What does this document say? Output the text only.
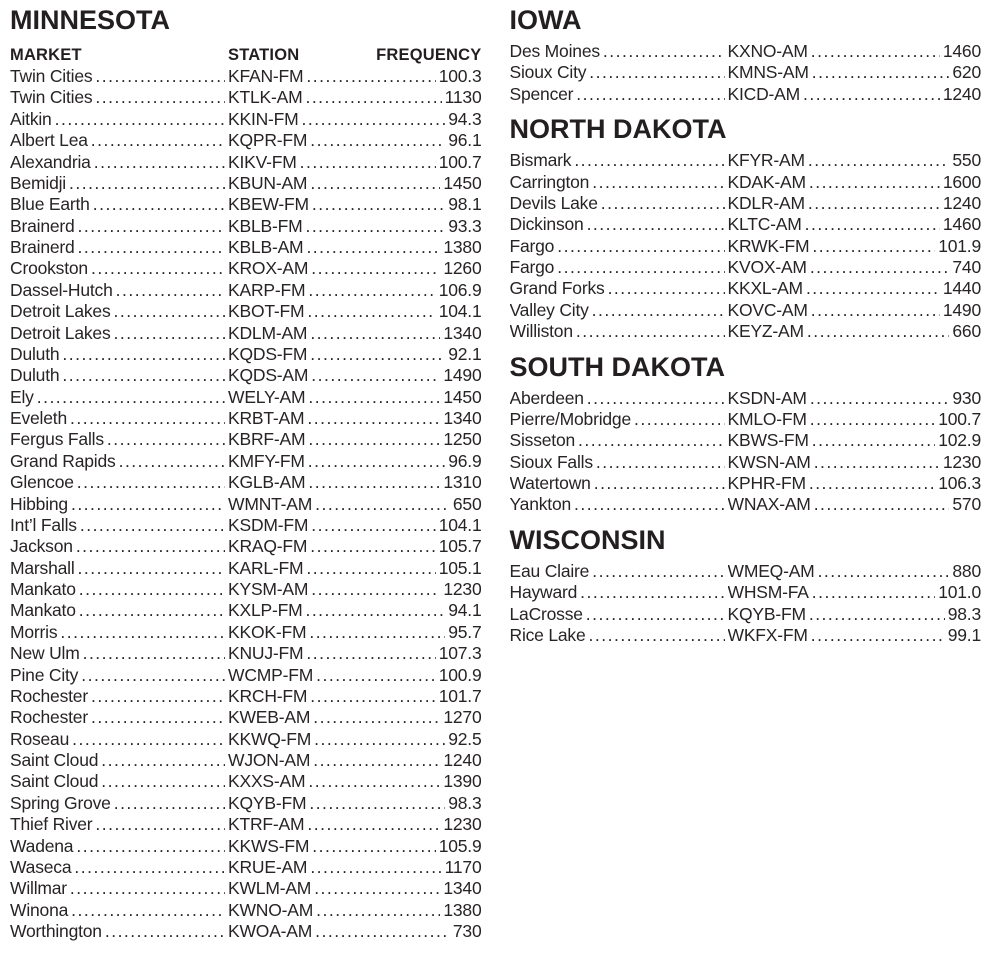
MINNESOTA
MARKET	STATION	FREQUENCY
Twin Cities .....	KFAN-FM .....	100.3
Twin Cities .....	KTLK-AM .....	1130
Aitkin .....	KKIN-FM .....	94.3
Albert Lea .....	KQPR-FM .....	96.1
Alexandria .....	KIKV-FM .....	100.7
Bemidji .....	KBUN-AM .....	1450
Blue Earth .....	KBEW-FM .....	98.1
Brainerd .....	KBLB-FM .....	93.3
Brainerd .....	KBLB-AM .....	1380
Crookston .....	KROX-AM .....	1260
Dassel-Hutch .....	KARP-FM .....	106.9
Detroit Lakes .....	KBOT-FM .....	104.1
Detroit Lakes .....	KDLM-AM .....	1340
Duluth .....	KQDS-FM .....	92.1
Duluth .....	KQDS-AM .....	1490
Ely .....	WELY-AM .....	1450
Eveleth .....	KRBT-AM .....	1340
Fergus Falls .....	KBRF-AM .....	1250
Grand Rapids .....	KMFY-FM .....	96.9
Glencoe .....	KGLB-AM .....	1310
Hibbing .....	WMNT-AM .....	650
Int’l Falls .....	KSDM-FM .....	104.1
Jackson .....	KRAQ-FM .....	105.7
Marshall .....	KARL-FM .....	105.1
Mankato .....	KYSM-AM .....	1230
Mankato .....	KXLP-FM .....	94.1
Morris .....	KKOK-FM .....	95.7
New Ulm .....	KNUJ-FM .....	107.3
Pine City .....	WCMP-FM .....	100.9
Rochester .....	KRCH-FM .....	101.7
Rochester .....	KWEB-AM .....	1270
Roseau .....	KKWQ-FM .....	92.5
Saint Cloud .....	WJON-AM .....	1240
Saint Cloud .....	KXXS-AM .....	1390
Spring Grove .....	KQYB-FM .....	98.3
Thief River .....	KTRF-AM .....	1230
Wadena .....	KKWS-FM .....	105.9
Waseca .....	KRUE-AM .....	1170
Willmar .....	KWLM-AM .....	1340
Winona .....	KWNO-AM .....	1380
Worthington .....	KWOA-AM .....	730
IOWA
Des Moines .....	KXNO-AM .....	1460
Sioux City .....	KMNS-AM .....	620
Spencer .....	KICD-AM .....	1240
NORTH DAKOTA
Bismark .....	KFYR-AM .....	550
Carrington .....	KDAK-AM .....	1600
Devils Lake .....	KDLR-AM .....	1240
Dickinson .....	KLTC-AM .....	1460
Fargo .....	KRWK-FM .....	101.9
Fargo .....	KVOX-AM .....	740
Grand Forks .....	KKXL-AM .....	1440
Valley City .....	KOVC-AM .....	1490
Williston .....	KEYZ-AM .....	660
SOUTH DAKOTA
Aberdeen .....	KSDN-AM .....	930
Pierre/Mobridge .....	KMLO-FM .....	100.7
Sisseton .....	KBWS-FM .....	102.9
Sioux Falls .....	KWSN-AM .....	1230
Watertown .....	KPHR-FM .....	106.3
Yankton .....	WNAX-AM .....	570
WISCONSIN
Eau Claire .....	WMEQ-AM .....	880
Hayward .....	WHSM-FA .....	101.0
LaCrosse .....	KQYB-FM .....	98.3
Rice Lake .....	WKFX-FM .....	99.1
